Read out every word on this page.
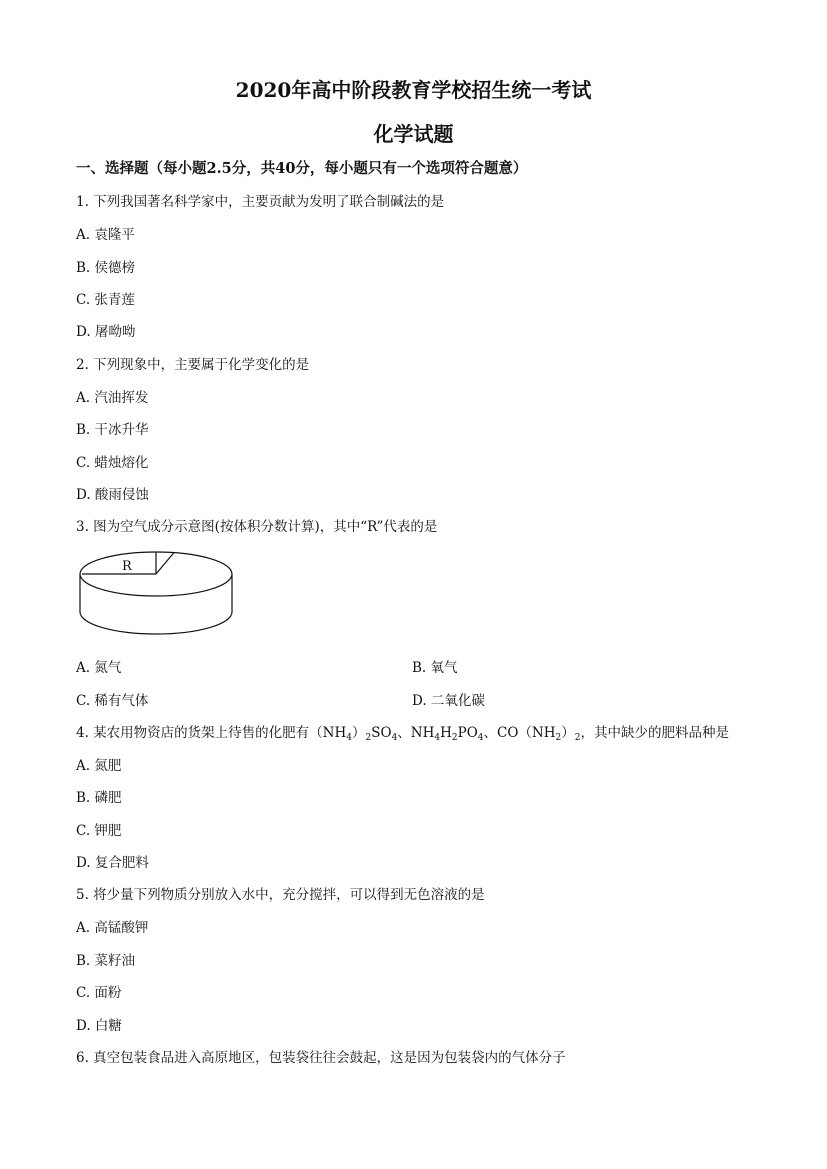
2020年高中阶段教育学校招生统一考试
化学试题
一、选择题（每小题2.5分，共40分，每小题只有一个选项符合题意）
1. 下列我国著名科学家中，主要贡献为发明了联合制碱法的是
A. 袁隆平
B. 侯德榜
C. 张青莲
D. 屠呦呦
2. 下列现象中，主要属于化学变化的是
A. 汽油挥发
B. 干冰升华
C. 蜡烛熔化
D. 酸雨侵蚀
3. 图为空气成分示意图(按体积分数计算)，其中“R”代表的是
R
A. 氮气	B. 氧气
C. 稀有气体	D. 二氧化碳
4. 某农用物资店的货架上待售的化肥有$(NH_4)_2SO_4$、$NH_4H_2PO_4$、$CO(NH_2)_2$，其中缺少的肥料品种是
A. 氮肥
B. 磷肥
C. 钾肥
D. 复合肥料
5. 将少量下列物质分别放入水中，充分搅拌，可以得到无色溶液的是
A. 高锰酸钾
B. 菜籽油
C. 面粉
D. 白糖
6. 真空包装食品进入高原地区，包装袋往往会鼓起，这是因为包装袋内的气体分子
